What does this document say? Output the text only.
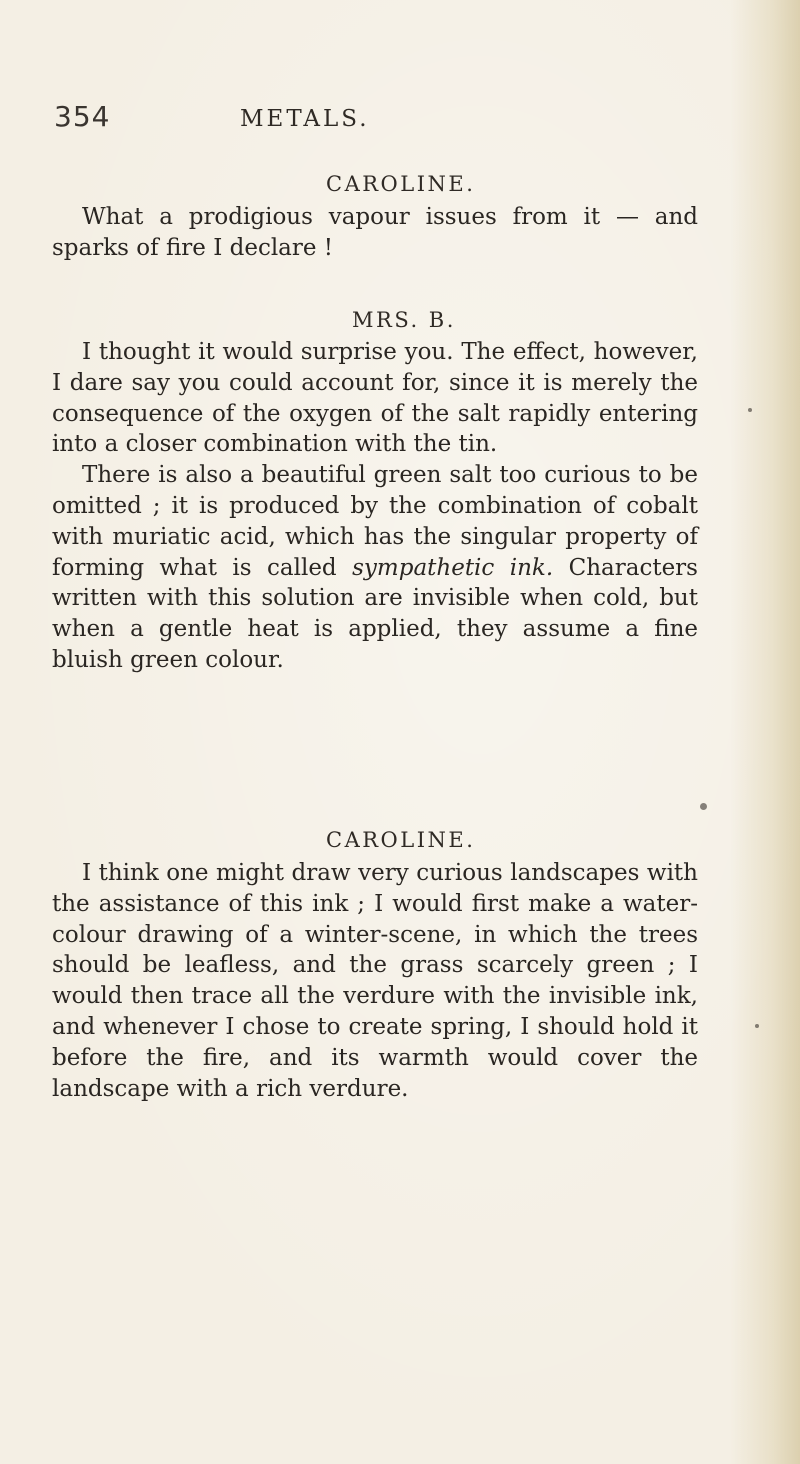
354	METALS.
CAROLINE.
What a prodigious vapour issues from it — and sparks of fire I declare !
MRS. B.
I thought it would surprise you. The effect, however, I dare say you could account for, since it is merely the consequence of the oxygen of the salt rapidly entering into a closer combination with the tin.
There is also a beautiful green salt too curious to be omitted ; it is produced by the combination of cobalt with muriatic acid, which has the singular property of forming what is called sympathetic ink. Characters written with this solution are invisible when cold, but when a gentle heat is applied, they assume a fine bluish green colour.
CAROLINE.
I think one might draw very curious landscapes with the assistance of this ink ; I would first make a water-colour drawing of a winter-scene, in which the trees should be leafless, and the grass scarcely green ; I would then trace all the verdure with the invisible ink, and whenever I chose to create spring, I should hold it before the fire, and its warmth would cover the landscape with a rich verdure.
